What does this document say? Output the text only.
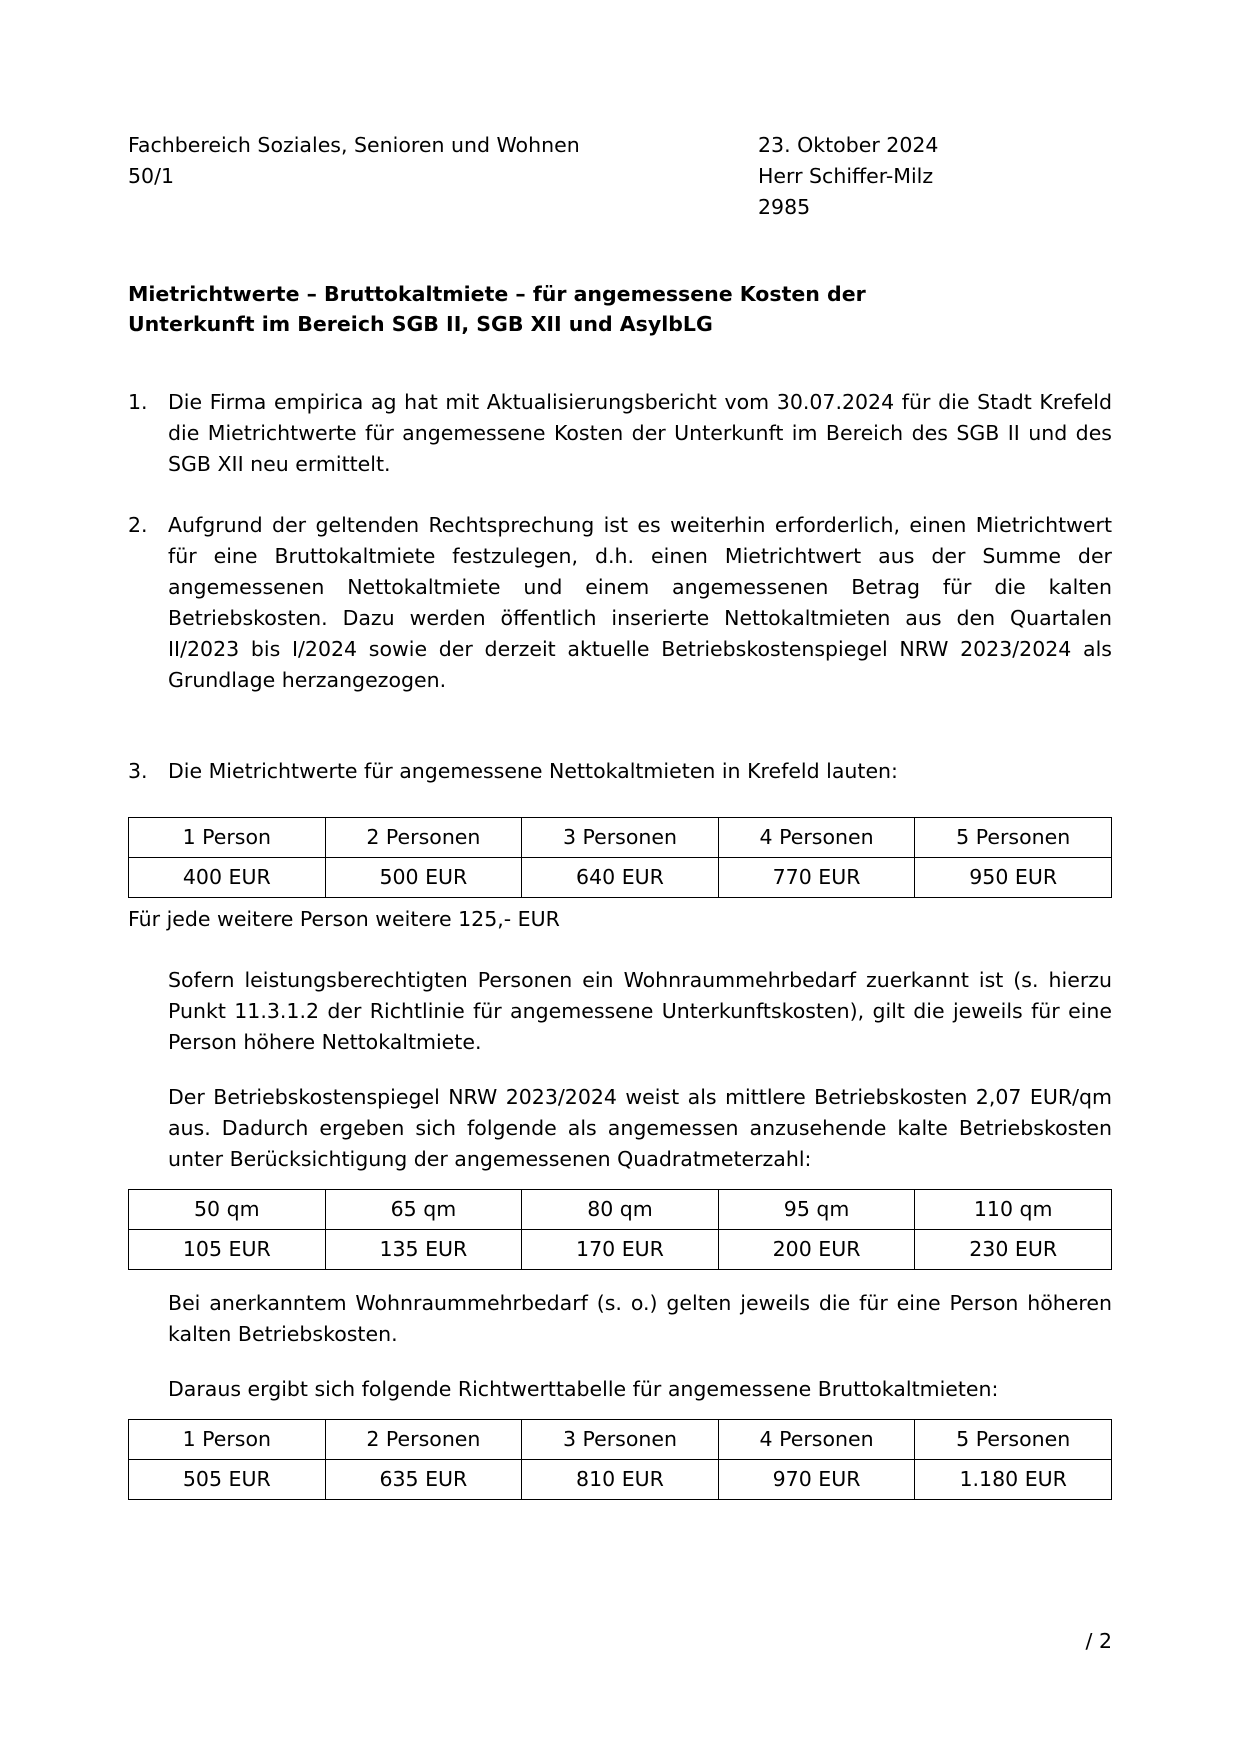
Fachbereich Soziales, Senioren und Wohnen
50/1
23. Oktober 2024
Herr Schiffer-Milz
2985
Mietrichtwerte – Bruttokaltmiete – für angemessene Kosten der Unterkunft im Bereich SGB II, SGB XII und AsylbLG
1. Die Firma empirica ag hat mit Aktualisierungsbericht vom 30.07.2024 für die Stadt Krefeld die Mietrichtwerte für angemessene Kosten der Unterkunft im Bereich des SGB II und des SGB XII neu ermittelt.
2. Aufgrund der geltenden Rechtsprechung ist es weiterhin erforderlich, einen Mietrichtwert für eine Bruttokaltmiete festzulegen, d.h. einen Mietrichtwert aus der Summe der angemessenen Nettokaltmiete und einem angemessenen Betrag für die kalten Betriebskosten. Dazu werden öffentlich inserierte Nettokaltmieten aus den Quartalen II/2023 bis I/2024 sowie der derzeit aktuelle Betriebskostenspiegel NRW 2023/2024 als Grundlage herzangezogen.
3. Die Mietrichtwerte für angemessene Nettokaltmieten in Krefeld lauten:
1 Person	2 Personen	3 Personen	4 Personen	5 Personen
400 EUR	500 EUR	640 EUR	770 EUR	950 EUR
Für jede weitere Person weitere 125,- EUR

Sofern leistungsberechtigten Personen ein Wohnraummehrbedarf zuerkannt ist (s. hierzu Punkt 11.3.1.2 der Richtlinie für angemessene Unterkunftskosten), gilt die jeweils für eine Person höhere Nettokaltmiete.

Der Betriebskostenspiegel NRW 2023/2024 weist als mittlere Betriebskosten 2,07 EUR/qm aus. Dadurch ergeben sich folgende als angemessen anzusehende kalte Betriebskosten unter Berücksichtigung der angemessenen Quadratmeterzahl:

50 qm	65 qm	80 qm	95 qm	110 qm
105 EUR	135 EUR	170 EUR	200 EUR	230 EUR

Bei anerkanntem Wohnraummehrbedarf (s. o.) gelten jeweils die für eine Person höheren kalten Betriebskosten.

Daraus ergibt sich folgende Richtwerttabelle für angemessene Bruttokaltmieten:

1 Person	2 Personen	3 Personen	4 Personen	5 Personen
505 EUR	635 EUR	810 EUR	970 EUR	1.180 EUR
/ 2
